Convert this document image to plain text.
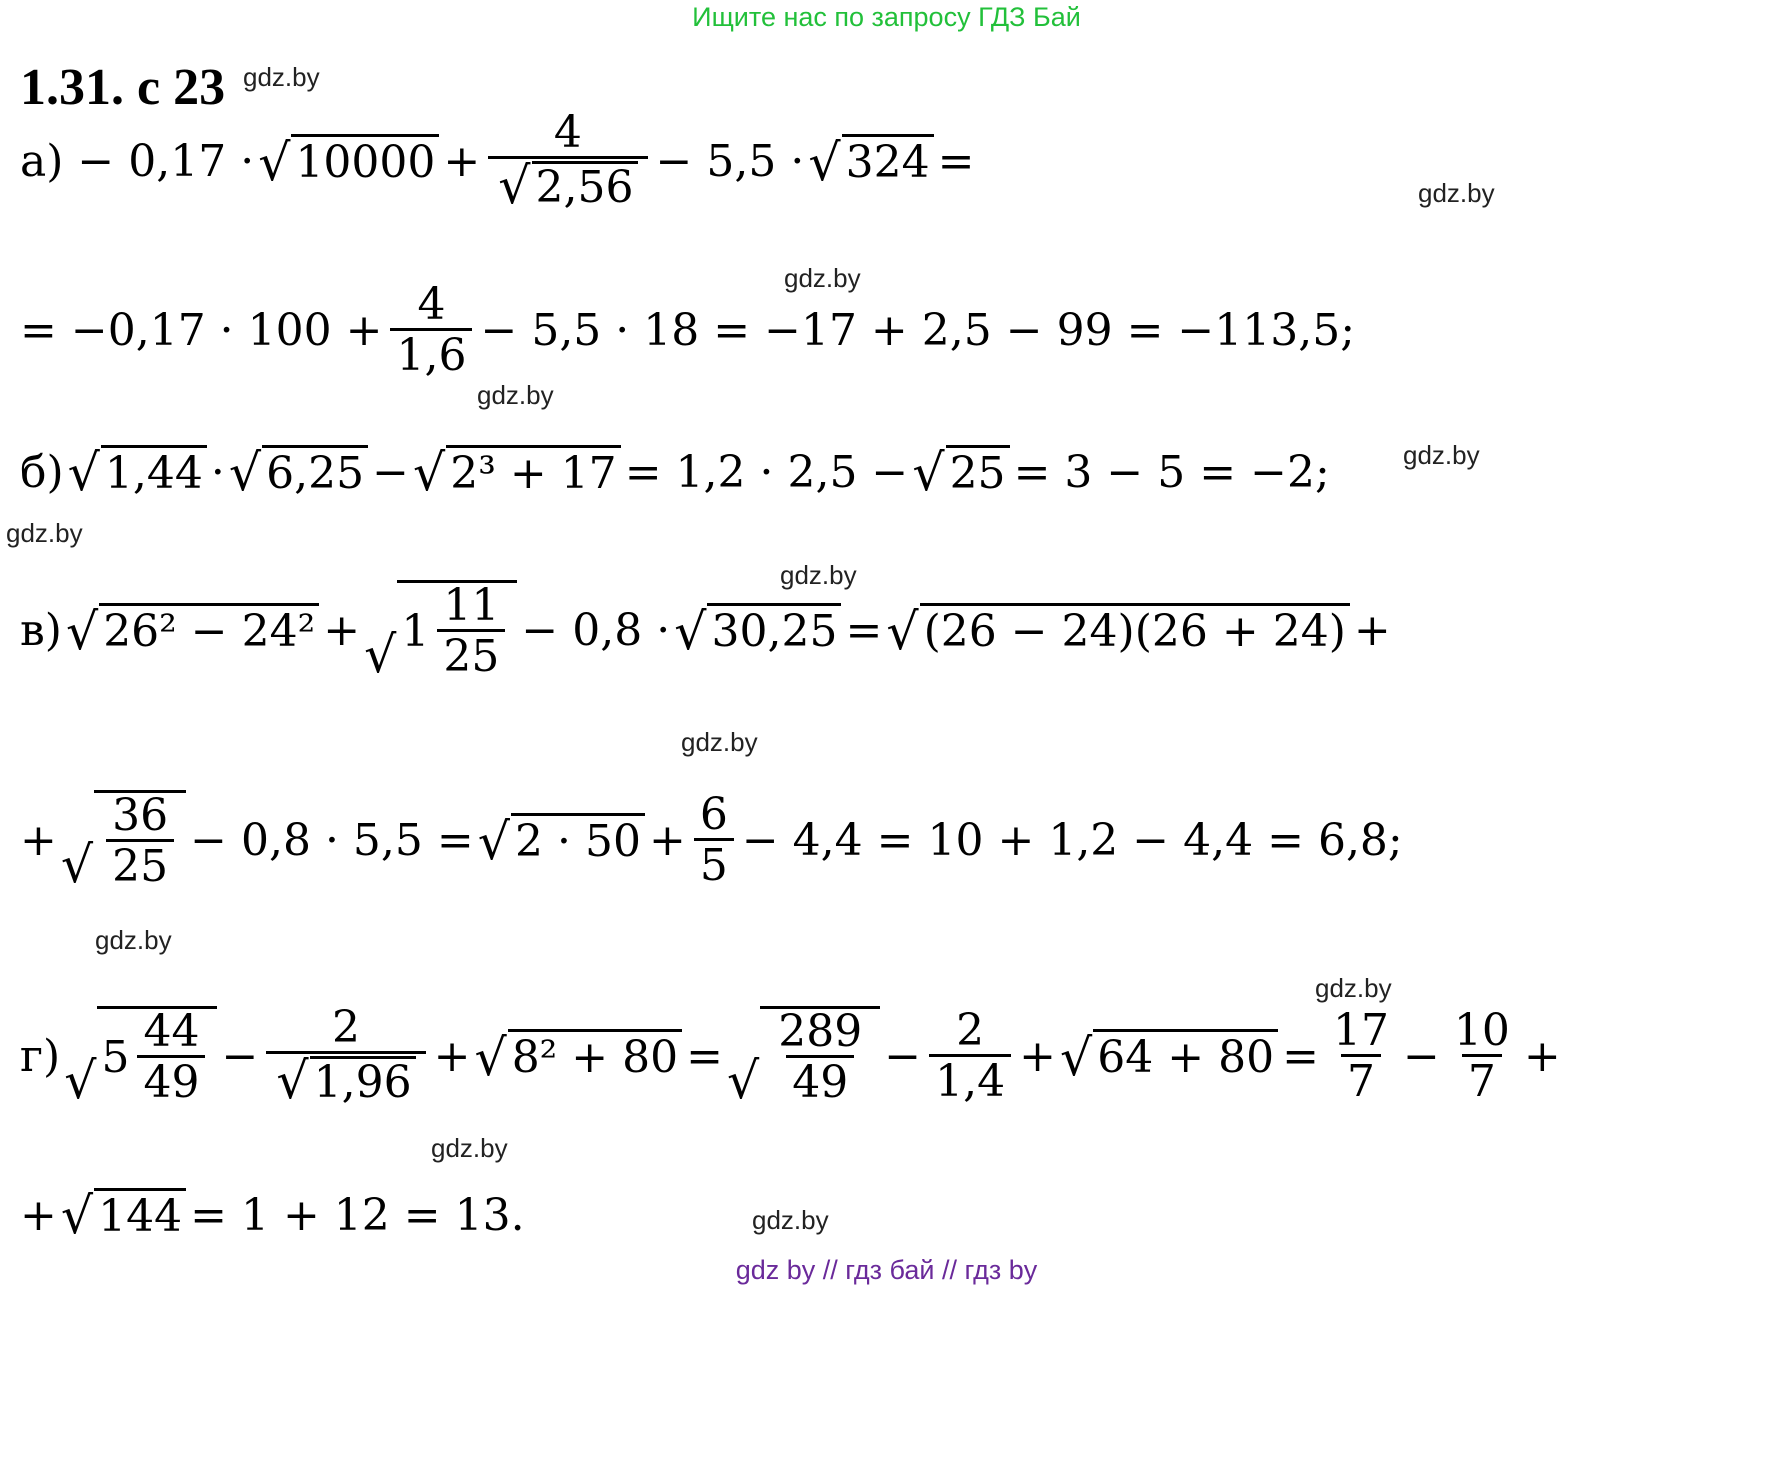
Ищите нас по запросу ГДЗ Бай
1.31. с 23 gdz.by
gdz.by
gdz.by
gdz.by
gdz.by
gdz.by
gdz.by
gdz.by
gdz.by
gdz.by
gdz.by
gdz.by
а) − 0,17 · √ $10000 + \frac{4}{√ 2,56} - 5,5$ · √ 324 =
= $-0,17 \cdot 100 + \frac{4}{1,6} - 5,5 \cdot 18 = -17 + 2,5 - 99 = -113,5$;
б) √ 1,44 · √ 6,25 − √ 2³ + 17 = 1,2 · 2,5 − √ 25 = 3 − 5 = −2;
в) √ 26² − 24² + √ $1 \frac{11}{25} - 0,8$ · √ 30,25 = √ (26 − 24)(26 + 24) +
+ √ $\frac{36}{25} - 0,8 \cdot 5,5$ = √ $2 \cdot 50 + \frac{6}{5} - 4,4 = 10 + 1,2 - 4,4 = 6,8$;
г) √ $5 \frac{44}{49} - \frac{2}{√ 1,96}$ + √ 8² + 80 = √ $\frac{289}{49} - \frac{2}{1,4}$ + √ $64 + 80 = \frac{17}{7} - \frac{10}{7}$ +
+ √ 144 = 1 + 12 = 13.
gdz by // гдз бай // гдз by
